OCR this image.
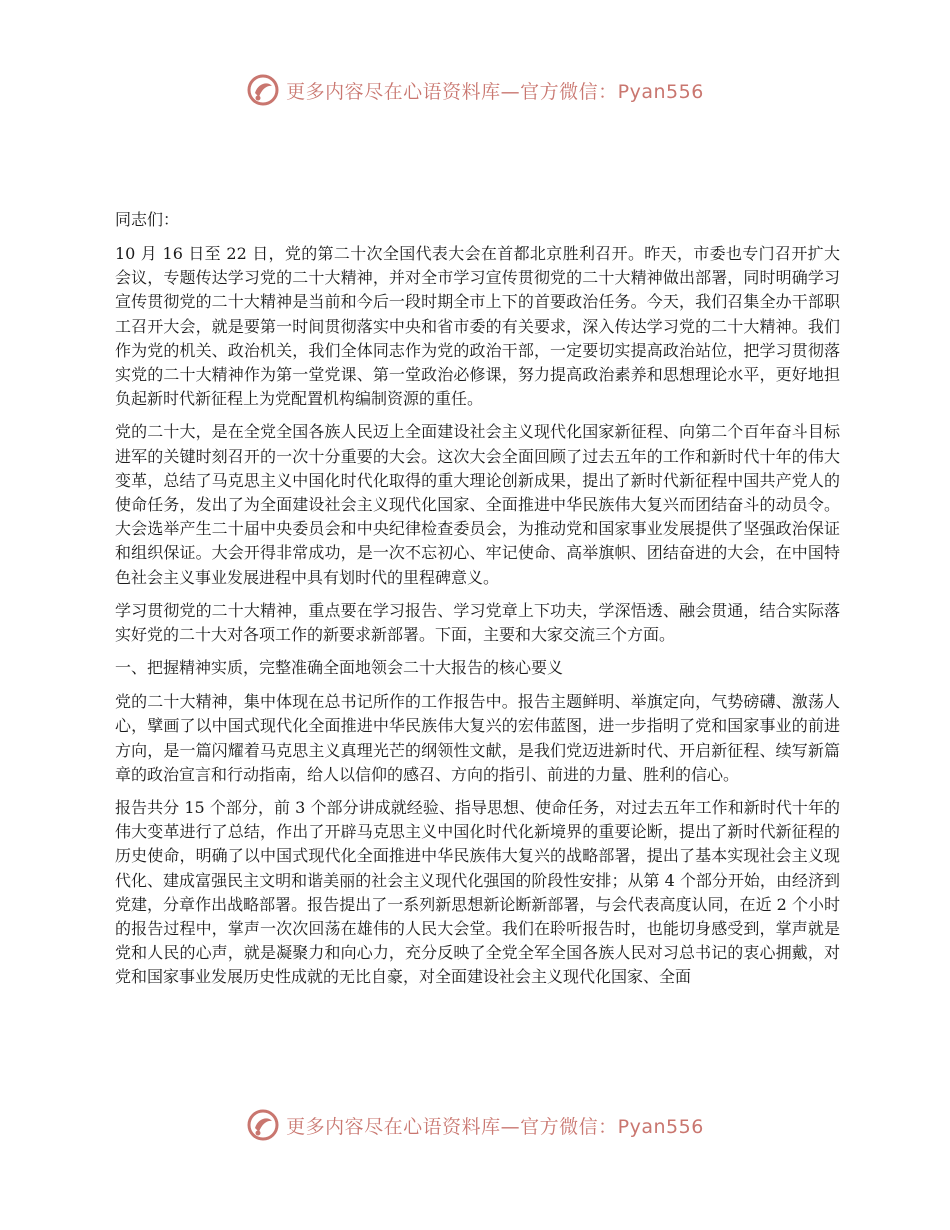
更多内容尽在心语资料库—官方微信：Pyan556

同志们：

10 月 16 日至 22 日，党的第二十次全国代表大会在首都北京胜利召开。昨天，市委也专门召开扩大会议，专题传达学习党的二十大精神，并对全市学习宣传贯彻党的二十大精神做出部署，同时明确学习宣传贯彻党的二十大精神是当前和今后一段时期全市上下的首要政治任务。今天，我们召集全办干部职工召开大会，就是要第一时间贯彻落实中央和省市委的有关要求，深入传达学习党的二十大精神。我们作为党的机关、政治机关，我们全体同志作为党的政治干部，一定要切实提高政治站位，把学习贯彻落实党的二十大精神作为第一堂党课、第一堂政治必修课，努力提高政治素养和思想理论水平，更好地担负起新时代新征程上为党配置机构编制资源的重任。

党的二十大，是在全党全国各族人民迈上全面建设社会主义现代化国家新征程、向第二个百年奋斗目标进军的关键时刻召开的一次十分重要的大会。这次大会全面回顾了过去五年的工作和新时代十年的伟大变革，总结了马克思主义中国化时代化取得的重大理论创新成果，提出了新时代新征程中国共产党人的使命任务，发出了为全面建设社会主义现代化国家、全面推进中华民族伟大复兴而团结奋斗的动员令。大会选举产生二十届中央委员会和中央纪律检查委员会，为推动党和国家事业发展提供了坚强政治保证和组织保证。大会开得非常成功，是一次不忘初心、牢记使命、高举旗帜、团结奋进的大会，在中国特色社会主义事业发展进程中具有划时代的里程碑意义。

学习贯彻党的二十大精神，重点要在学习报告、学习党章上下功夫，学深悟透、融会贯通，结合实际落实好党的二十大对各项工作的新要求新部署。下面，主要和大家交流三个方面。

一、把握精神实质，完整准确全面地领会二十大报告的核心要义

党的二十大精神，集中体现在总书记所作的工作报告中。报告主题鲜明、举旗定向，气势磅礴、激荡人心，擘画了以中国式现代化全面推进中华民族伟大复兴的宏伟蓝图，进一步指明了党和国家事业的前进方向，是一篇闪耀着马克思主义真理光芒的纲领性文献，是我们党迈进新时代、开启新征程、续写新篇章的政治宣言和行动指南，给人以信仰的感召、方向的指引、前进的力量、胜利的信心。

报告共分 15 个部分，前 3 个部分讲成就经验、指导思想、使命任务，对过去五年工作和新时代十年的伟大变革进行了总结，作出了开辟马克思主义中国化时代化新境界的重要论断，提出了新时代新征程的历史使命，明确了以中国式现代化全面推进中华民族伟大复兴的战略部署，提出了基本实现社会主义现代化、建成富强民主文明和谐美丽的社会主义现代化强国的阶段性安排；从第 4 个部分开始，由经济到党建，分章作出战略部署。报告提出了一系列新思想新论断新部署，与会代表高度认同，在近 2 个小时的报告过程中，掌声一次次回荡在雄伟的人民大会堂。我们在聆听报告时，也能切身感受到，掌声就是党和人民的心声，就是凝聚力和向心力，充分反映了全党全军全国各族人民对习总书记的衷心拥戴，对党和国家事业发展历史性成就的无比自豪，对全面建设社会主义现代化国家、全面

更多内容尽在心语资料库—官方微信：Pyan556
